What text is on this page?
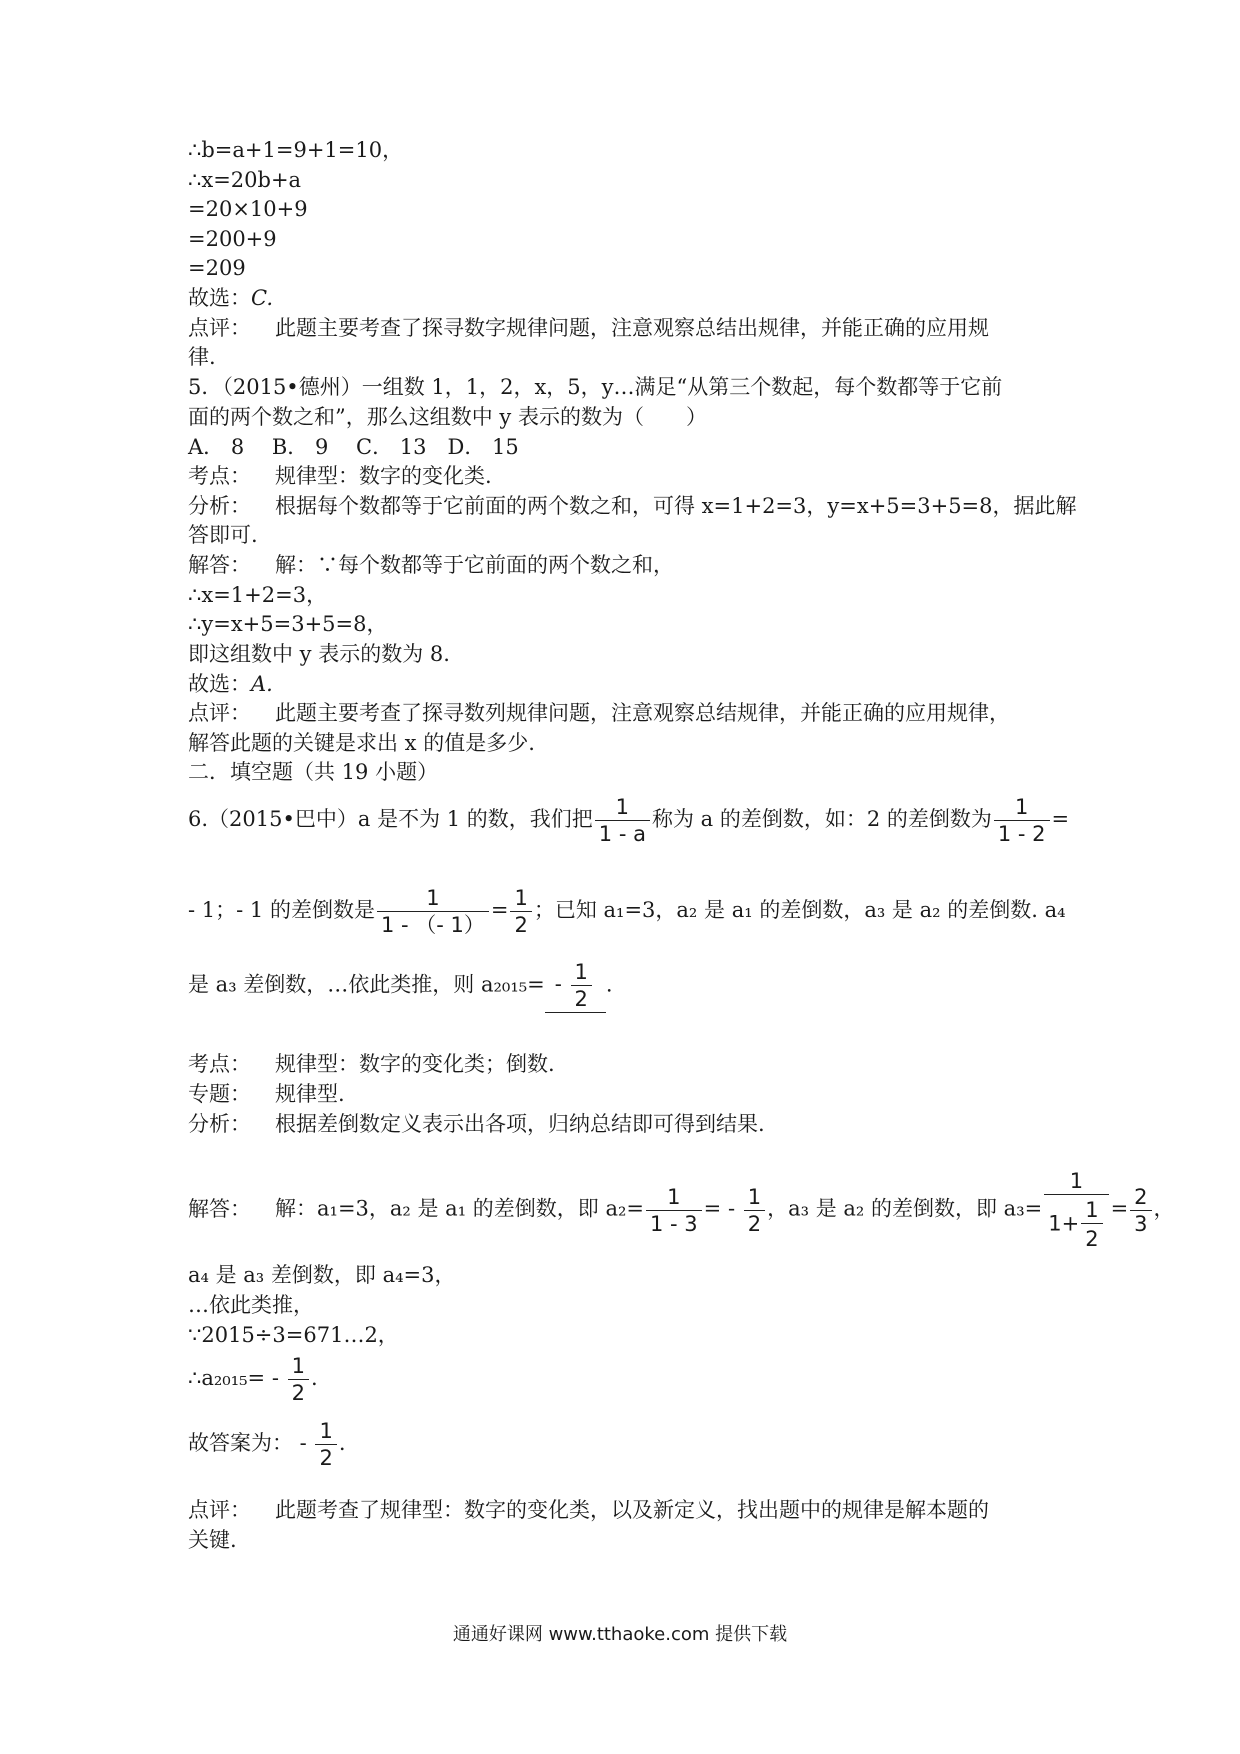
∴b=a+1=9+1=10，
∴x=20b+a
=20×10+9
=200+9
=209
故选：C.
点评： 此题主要考查了探寻数字规律问题，注意观察总结出规律，并能正确的应用规
律.
5．（2015•德州）一组数 1，1，2，x，5，y…满足“从第三个数起，每个数都等于它前
面的两个数之和”，那么这组数中 y 表示的数为（　　）
A． 8　 B． 9　 C． 13　D． 15
考点： 规律型：数字的变化类.
分析： 根据每个数都等于它前面的两个数之和，可得 x=1+2=3，y=x+5=3+5=8，据此解
答即可.
解答： 解：∵每个数都等于它前面的两个数之和，
∴x=1+2=3，
∴y=x+5=3+5=8，
即这组数中 y 表示的数为 8.
故选：A.
点评： 此题主要考查了探寻数列规律问题，注意观察总结规律，并能正确的应用规律，
解答此题的关键是求出 x 的值是多少.
二．填空题（共 19 小题）
6.（2015•巴中）a 是不为 1 的数，我们把 $\frac{1}{1 - a}$ 称为 a 的差倒数，如：2 的差倒数为 $\frac{1}{1 - 2}$ =
- 1；- 1 的差倒数是 $\frac{1}{1 - (- 1)} = \frac{1}{2}$ ；已知 a₁=3，a₂ 是 a₁ 的差倒数，a₃ 是 a₂ 的差倒数. a₄
是 a₃ 差倒数，…依此类推，则 $a_{2015}= - \frac{1}{2}$ .
考点： 规律型：数字的变化类；倒数.
专题： 规律型.
分析： 根据差倒数定义表示出各项，归纳总结即可得到结果.
解答： 解：a₁=3，a₂ 是 a₁ 的差倒数，即 $a_2= \frac{1}{1 - 3}$ = - $\frac{1}{2}$ ，a₃ 是 a₂ 的差倒数，即 $a_3= \frac{1}{1+ \frac{1}{2}} = \frac{2}{3}$ ，
a₄ 是 a₃ 差倒数，即 a₄=3，
…依此类推，
∵2015÷3=671…2，
∴a₂₀₁₅= - $\frac{1}{2}$ .
故答案为： - $\frac{1}{2}$ .
点评： 此题考查了规律型：数字的变化类，以及新定义，找出题中的规律是解本题的
关键.
通通好课网 www.tthaoke.com 提供下载
